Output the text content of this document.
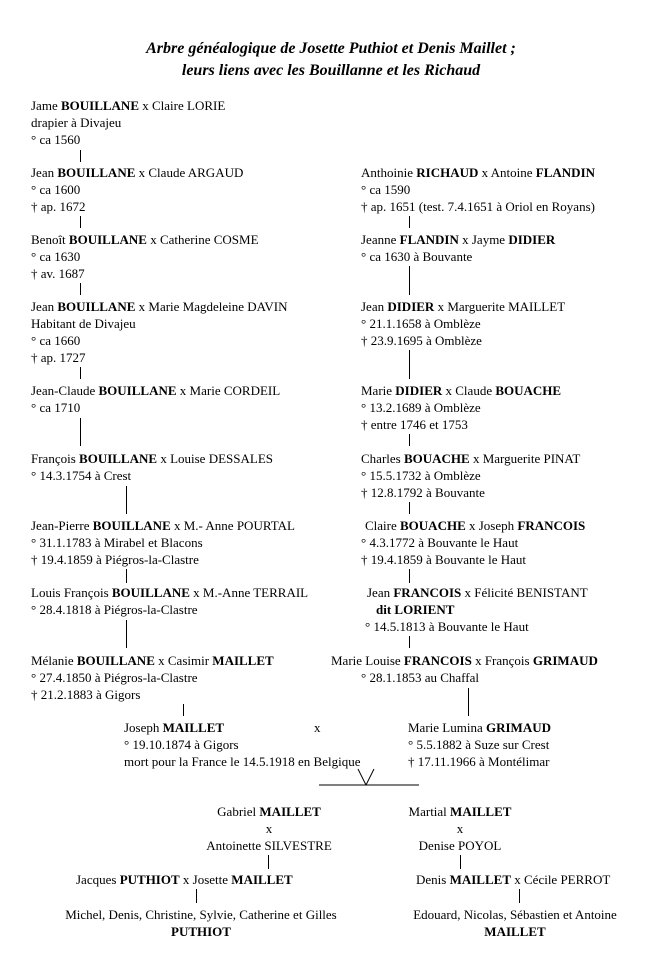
Arbre généalogique de Josette Puthiot et Denis Maillet ;
leurs liens avec les Bouillanne et les Richaud
Jame BOUILLANE x Claire LORIE
drapier à Divajeu
° ca 1560
Jean BOUILLANE x Claude ARGAUD
° ca 1600
† ap. 1672
Benoît BOUILLANE x Catherine COSME
° ca 1630
† av. 1687
Jean BOUILLANE x Marie Magdeleine DAVIN
Habitant de Divajeu
° ca 1660
† ap. 1727
Jean-Claude BOUILLANE x Marie CORDEIL
° ca 1710
François BOUILLANE x Louise DESSALES
° 14.3.1754 à Crest
Jean-Pierre BOUILLANE x M.- Anne POURTAL
° 31.1.1783 à Mirabel et Blacons
† 19.4.1859 à Piégros-la-Clastre
Louis François BOUILLANE x M.-Anne TERRAIL
° 28.4.1818 à Piégros-la-Clastre
Mélanie BOUILLANE x Casimir MAILLET
° 27.4.1850 à Piégros-la-Clastre
† 21.2.1883 à Gigors
Anthoinie RICHAUD x Antoine FLANDIN
° ca 1590
† ap. 1651 (test. 7.4.1651 à Oriol en Royans)
Jeanne FLANDIN x Jayme DIDIER
° ca 1630 à Bouvante
Jean DIDIER x Marguerite MAILLET
° 21.1.1658 à Omblèze
† 23.9.1695 à Omblèze
Marie DIDIER x Claude BOUACHE
° 13.2.1689 à Omblèze
† entre 1746 et 1753
Charles BOUACHE x Marguerite PINAT
° 15.5.1732 à Omblèze
† 12.8.1792 à Bouvante
Claire BOUACHE x Joseph FRANCOIS
° 4.3.1772 à Bouvante le Haut
† 19.4.1859 à Bouvante le Haut
Jean FRANCOIS x Félicité BENISTANT
dit LORIENT
° 14.5.1813 à Bouvante le Haut
Marie Louise FRANCOIS x François GRIMAUD
° 28.1.1853 au Chaffal
Joseph MAILLET
° 19.10.1874 à Gigors
mort pour la France le 14.5.1918 en Belgique
x	Marie Lumina GRIMAUD
° 5.5.1882 à Suze sur Crest
† 17.11.1966 à Montélimar
Gabriel MAILLET
x
Antoinette SILVESTRE
Martial MAILLET
x
Denise POYOL
Jacques PUTHIOT x Josette MAILLET	Denis MAILLET x Cécile PERROT
Michel, Denis, Christine, Sylvie, Catherine et Gilles
PUTHIOT
Edouard, Nicolas, Sébastien et Antoine
MAILLET
